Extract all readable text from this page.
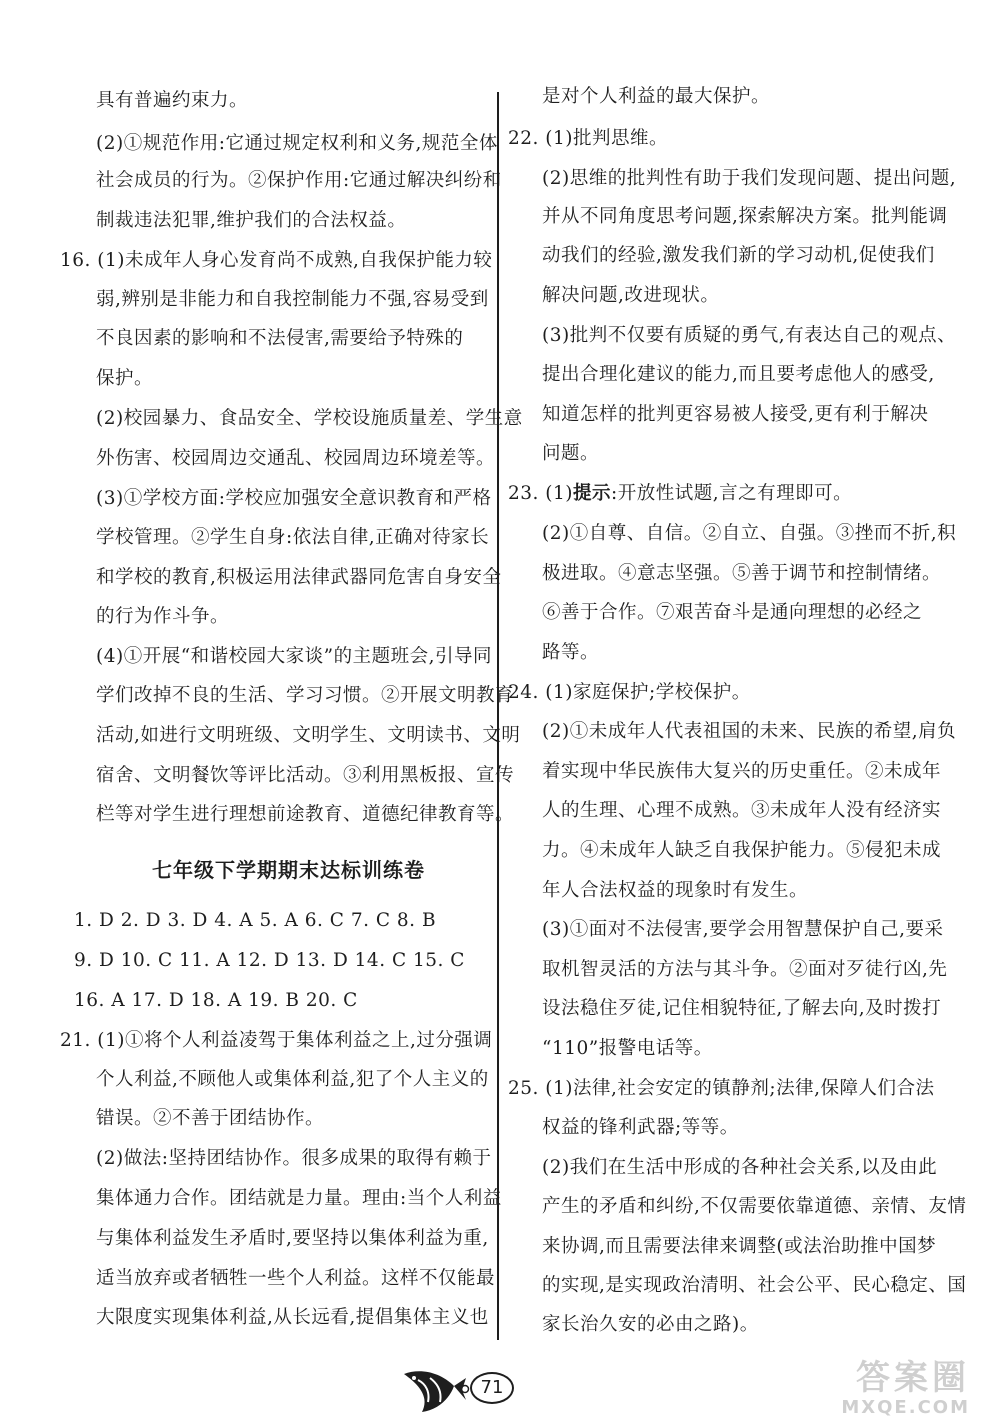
具有普遍约束力。
(2)①规范作用:它通过规定权利和义务,规范全体
社会成员的行为。②保护作用:它通过解决纠纷和
制裁违法犯罪,维护我们的合法权益。
16. (1)未成年人身心发育尚不成熟,自我保护能力较
弱,辨别是非能力和自我控制能力不强,容易受到
不良因素的影响和不法侵害,需要给予特殊的
保护。
(2)校园暴力、食品安全、学校设施质量差、学生意
外伤害、校园周边交通乱、校园周边环境差等。
(3)①学校方面:学校应加强安全意识教育和严格
学校管理。②学生自身:依法自律,正确对待家长
和学校的教育,积极运用法律武器同危害自身安全
的行为作斗争。
(4)①开展“和谐校园大家谈”的主题班会,引导同
学们改掉不良的生活、学习习惯。②开展文明教育
活动,如进行文明班级、文明学生、文明读书、文明
宿舍、文明餐饮等评比活动。③利用黑板报、宣传
栏等对学生进行理想前途教育、道德纪律教育等。
七年级下学期期末达标训练卷
1. D 2. D 3. D 4. A 5. A 6. C 7. C 8. B
9. D 10. C 11. A 12. D 13. D 14. C 15. C
16. A 17. D 18. A 19. B 20. C
21. (1)①将个人利益凌驾于集体利益之上,过分强调
个人利益,不顾他人或集体利益,犯了个人主义的
错误。②不善于团结协作。
(2)做法:坚持团结协作。很多成果的取得有赖于
集体通力合作。团结就是力量。理由:当个人利益
与集体利益发生矛盾时,要坚持以集体利益为重,
适当放弃或者牺牲一些个人利益。这样不仅能最
大限度实现集体利益,从长远看,提倡集体主义也
是对个人利益的最大保护。
22. (1)批判思维。
(2)思维的批判性有助于我们发现问题、提出问题,
并从不同角度思考问题,探索解决方案。批判能调
动我们的经验,激发我们新的学习动机,促使我们
解决问题,改进现状。
(3)批判不仅要有质疑的勇气,有表达自己的观点、
提出合理化建议的能力,而且要考虑他人的感受,
知道怎样的批判更容易被人接受,更有利于解决
问题。
23. (1)提示:开放性试题,言之有理即可。
(2)①自尊、自信。②自立、自强。③挫而不折,积
极进取。④意志坚强。⑤善于调节和控制情绪。
⑥善于合作。⑦艰苦奋斗是通向理想的必经之
路等。
24. (1)家庭保护;学校保护。
(2)①未成年人代表祖国的未来、民族的希望,肩负
着实现中华民族伟大复兴的历史重任。②未成年
人的生理、心理不成熟。③未成年人没有经济实
力。④未成年人缺乏自我保护能力。⑤侵犯未成
年人合法权益的现象时有发生。
(3)①面对不法侵害,要学会用智慧保护自己,要采
取机智灵活的方法与其斗争。②面对歹徒行凶,先
设法稳住歹徒,记住相貌特征,了解去向,及时拨打
“110”报警电话等。
25. (1)法律,社会安定的镇静剂;法律,保障人们合法
权益的锋利武器;等等。
(2)我们在生活中形成的各种社会关系,以及由此
产生的矛盾和纠纷,不仅需要依靠道德、亲情、友情
来协调,而且需要法律来调整(或法治助推中国梦
的实现,是实现政治清明、社会公平、民心稳定、国
家长治久安的必由之路)。
71	答案圈
MXQE.COM
